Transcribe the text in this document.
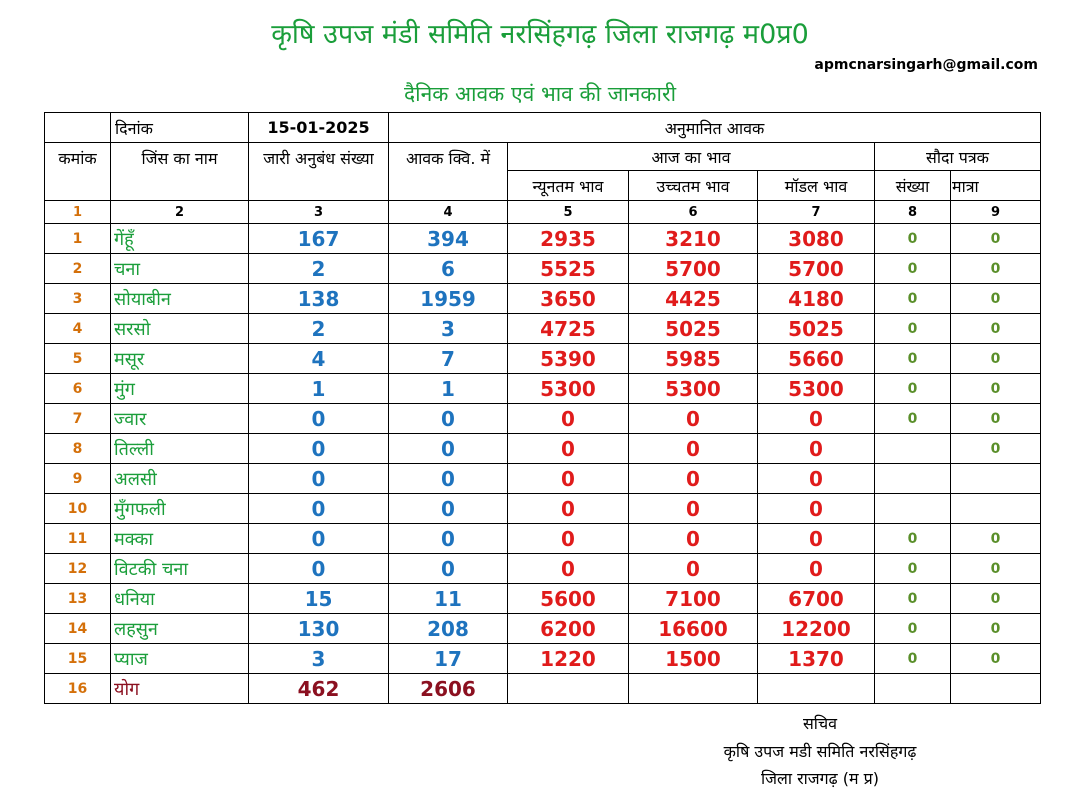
कृषि उपज मंडी समिति नरसिंहगढ़ जिला राजगढ़ म0प्र0
apmcnarsingarh@gmail.com
दैनिक आवक एवं भाव की जानकारी
	दिनांक	15-01-2025	अनुमानित आवक					
कमांक	जिंस का नाम	जारी अनुबंध संख्या	आवक क्वि. में	आज का भाव			सौदा पत्रक	
				न्यूनतम भाव	उच्चतम भाव	मॉडल भाव	संख्या	मात्रा
1	2	3	4	5	6	7	8	9
1	गेंहूँ	167	394	2935	3210	3080	0	0
2	चना	2	6	5525	5700	5700	0	0
3	सोयाबीन	138	1959	3650	4425	4180	0	0
4	सरसो	2	3	4725	5025	5025	0	0
5	मसूर	4	7	5390	5985	5660	0	0
6	मुंग	1	1	5300	5300	5300	0	0
7	ज्वार	0	0	0	0	0	0	0
8	तिल्ली	0	0	0	0	0		0
9	अलसी	0	0	0	0	0		
10	मुँगफली	0	0	0	0	0		
11	मक्का	0	0	0	0	0	0	0
12	विटकी चना	0	0	0	0	0	0	0
13	धनिया	15	11	5600	7100	6700	0	0
14	लहसुन	130	208	6200	16600	12200	0	0
15	प्याज	3	17	1220	1500	1370	0	0
16	योग	462	2606					
सचिव
कृषि उपज मडी समिति नरसिंहगढ़
जिला राजगढ़ (म प्र)
